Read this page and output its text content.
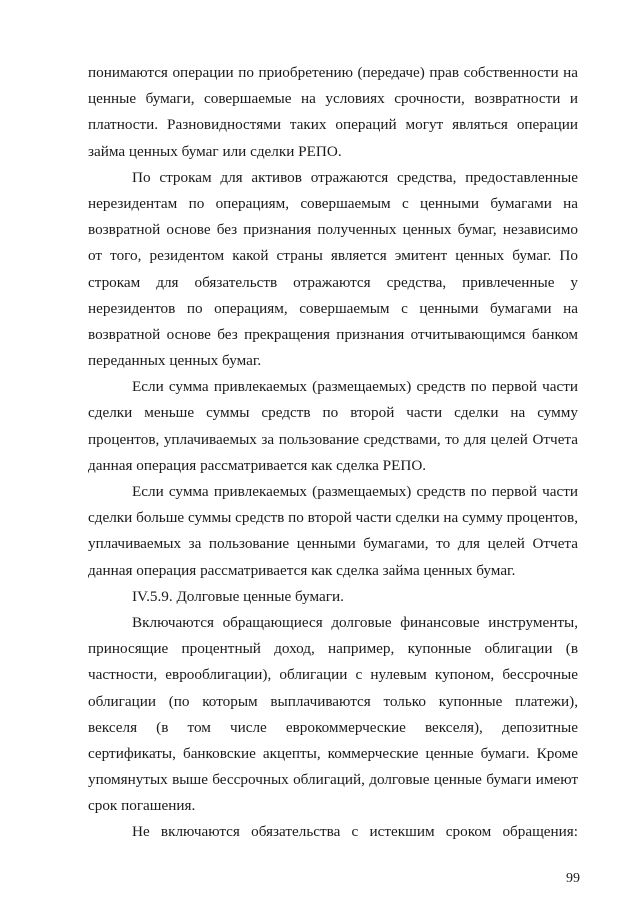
понимаются операции по приобретению (передаче) прав собственности на

ценные бумаги, совершаемые на условиях срочности, возвратности и

платности. Разновидностями таких операций могут являться операции

займа ценных бумаг или сделки РЕПО.

По строкам для активов отражаются средства, предоставленные

нерезидентам по операциям, совершаемым с ценными бумагами на

возвратной основе без признания полученных ценных бумаг, независимо

от того, резидентом какой страны является эмитент ценных бумаг. По

строкам для обязательств отражаются средства, привлеченные у

нерезидентов по операциям, совершаемым с ценными бумагами на

возвратной основе без прекращения признания отчитывающимся банком

переданных ценных бумаг.

Если сумма привлекаемых (размещаемых) средств по первой части

сделки меньше суммы средств по второй части сделки на сумму

процентов, уплачиваемых за пользование средствами, то для целей Отчета

данная операция рассматривается как сделка РЕПО.

Если сумма привлекаемых (размещаемых) средств по первой части

сделки больше суммы средств по второй части сделки на сумму процентов,

уплачиваемых за пользование ценными бумагами, то для целей Отчета

данная операция рассматривается как сделка займа ценных бумаг.

IV.5.9. Долговые ценные бумаги.

Включаются обращающиеся долговые финансовые инструменты,

приносящие процентный доход, например, купонные облигации (в

частности, еврооблигации), облигации с нулевым купоном, бессрочные

облигации (по которым выплачиваются только купонные платежи),

векселя (в том числе еврокоммерческие векселя), депозитные

сертификаты, банковские акцепты, коммерческие ценные бумаги. Кроме

упомянутых выше бессрочных облигаций, долговые ценные бумаги имеют

срок погашения.

Не включаются обязательства с истекшим сроком обращения:

99
